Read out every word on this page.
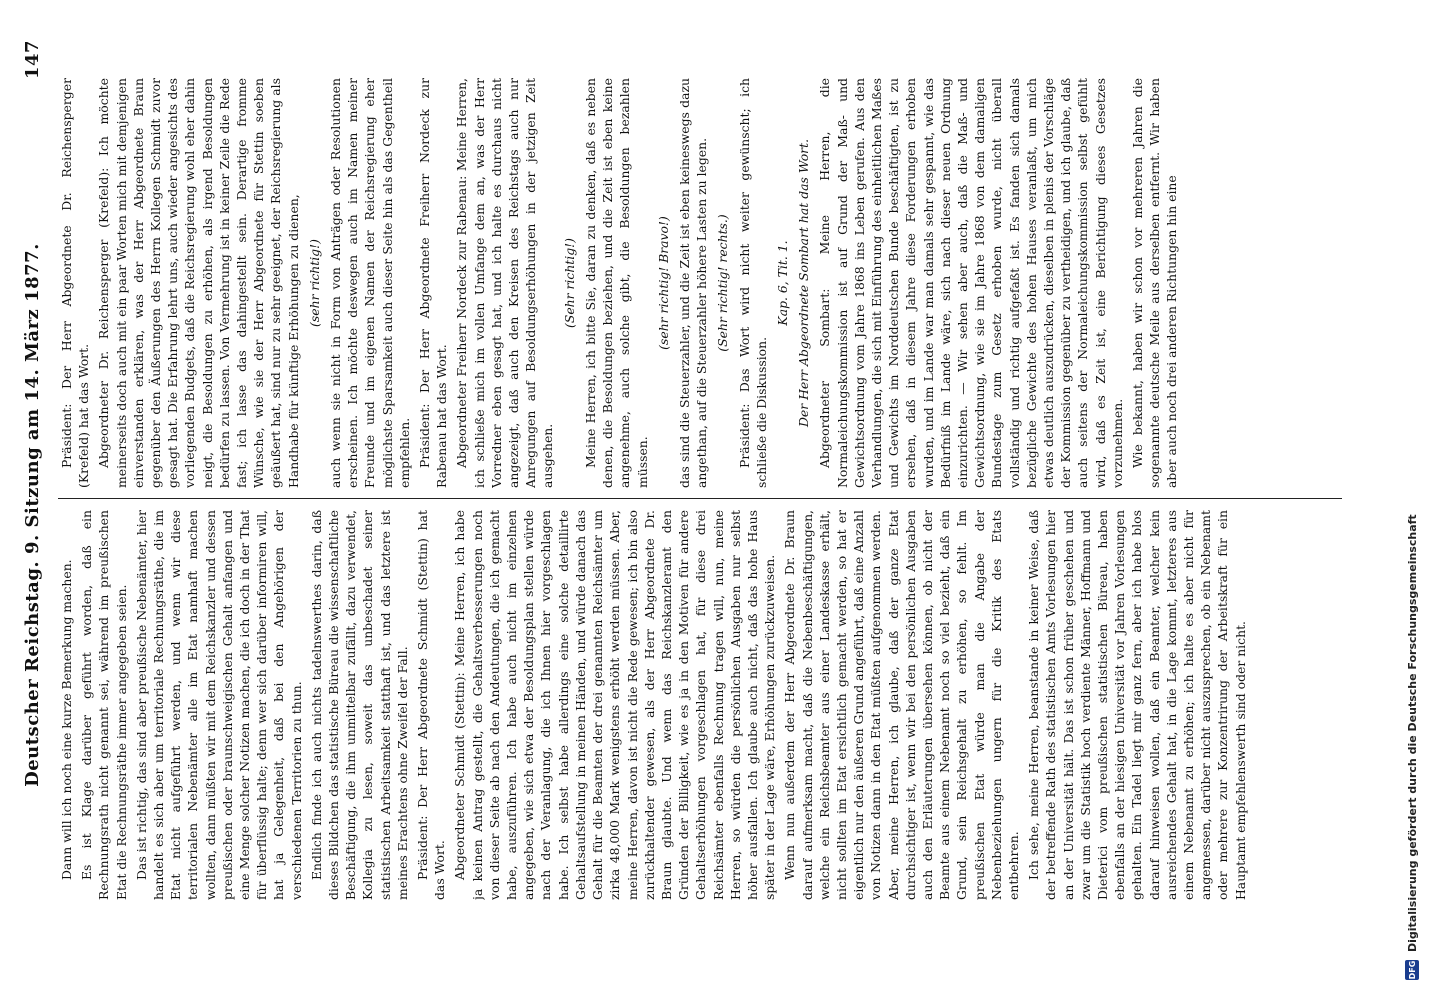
Deutscher Reichstag. 9. Sitzung am 14. März 1877.
147

Dann will ich noch eine kurze Bemerkung machen. Es ist Klage darüber geführt worden, daß ein Rechnungsrath nicht genannt sei, während im preußischen Etat die Rechnungsräthe immer angegeben seien. Das ist richtig, das sind aber preußische Nebenämter, hier handelt es sich aber um territoriale Rechnungsräthe, die im Etat nicht aufgeführt werden, und wenn wir diese territorialen Nebenämter alle im Etat namhaft machen wollten, dann müßten wir mit dem Reichskanzler und dessen preußischen oder braunschweigischen Gehalt anfangen und eine Menge solcher Notizen machen, die ich doch in der That für überflüssig halte; denn wer sich darüber informiren will, hat ja Gelegenheit, daß bei den Angehörigen der verschiedenen Territorien zu thun. Endlich finde ich auch nichts tadelnswerthes darin, daß dieses Bildchen das statistische Büreau die wissenschaftliche Beschäftigung, die ihm unmittelbar zufällt, dazu verwendet, Kollegia zu lesen, soweit das unbeschadet seiner statistischen Arbeitsamkeit statthaft ist, und das letztere ist meines Erachtens ohne Zweifel der Fall. Präsident: Der Herr Abgeordnete Schmidt (Stettin) hat das Wort. Abgeordneter Schmidt (Stettin): Meine Herren, ich habe ja keinen Antrag gestellt, die Gehaltsverbesserungen noch von dieser Seite ab nach den Andeutungen, die ich gemacht habe, auszuführen. Ich habe auch nicht im einzelnen angegeben, wie sich etwa der Besoldungsplan stellen würde nach der Veranlagung, die ich Ihnen hier vorgeschlagen habe. Ich selbst habe allerdings eine solche detaillirte Gehaltsaufstellung in meinen Händen, und würde danach das Gehalt für die Beamten der drei genannten Reichsämter um zirka 48,000 Mark wenigstens erhöht werden müssen. Aber, meine Herren, davon ist nicht die Rede gewesen; ich bin also zurückhaltender gewesen, als der Herr Abgeordnete Dr. Braun glaubte. Und wenn das Reichskanzleramt den Gründen der Billigkeit, wie es ja in den Motiven für andere Gehaltserhöhungen vorgeschlagen hat, für diese drei Reichsämter ebenfalls Rechnung tragen will, nun, meine Herren, so würden die persönlichen Ausgaben nur selbst höher ausfallen. Ich glaube auch nicht, daß das hohe Haus später in der Lage wäre, Erhöhungen zurückzuweisen. Wenn nun außerdem der Herr Abgeordnete Dr. Braun darauf aufmerksam macht, daß die Nebenbeschäftigungen, welche ein Reichsbeamter aus einer Landeskasse erhält, nicht sollten im Etat ersichtlich gemacht werden, so hat er eigentlich nur den äußeren Grund angeführt, daß eine Anzahl von Notizen dann in den Etat müßten aufgenommen werden. Aber, meine Herren, ich glaube, daß der ganze Etat durchsichtiger ist, wenn wir bei den persönlichen Ausgaben auch den Erläuterungen übersehen können, ob nicht der Beamte aus einem Nebenamt noch so viel bezieht, daß ein Grund, sein Reichsgehalt zu erhöhen, so fehlt. Im preußischen Etat würde man die Angabe der Nebenbeziehungen ungern für die Kritik des Etats entbehren. Ich sehe, meine Herren, beanstande in keiner Weise, daß der betreffende Rath des statistischen Amts Vorlesungen hier an der Universität hält. Das ist schon früher geschehen und zwar um die Statistik hoch verdiente Männer, Hoffmann und Dieterici vom preußischen statistischen Büreau, haben ebenfalls an der hiesigen Universität vor Jahren Vorlesungen gehalten. Ein Tadel liegt mir ganz fern, aber ich habe blos darauf hinweisen wollen, daß ein Beamter, welcher kein ausreichendes Gehalt hat, in die Lage kommt, letzteres aus einem Nebenamt zu erhöhen; ich halte es aber nicht für angemessen, darüber nicht auszusprechen, ob ein Nebenamt oder mehrere zur Konzentrirung der Arbeitskraft für ein Hauptamt empfehlenswerth sind oder nicht.

Präsident: Der Herr Abgeordnete Dr. Reichensperger (Krefeld) hat das Wort. Abgeordneter Dr. Reichensperger (Krefeld): Ich möchte meinerseits doch auch mit ein paar Worten mich mit demjenigen einverstanden erklären, was der Herr Abgeordnete Braun gegenüber den Äußerungen des Herrn Kollegen Schmidt zuvor gesagt hat. Die Erfahrung lehrt uns, auch wieder angesichts des vorliegenden Budgets, daß die Reichsregierung wohl eher dahin neigt, die Besoldungen zu erhöhen, als irgend Besoldungen bedürfen zu lassen. Von Vermehrung ist in keiner Zeile die Rede fast; ich lasse das dahingestellt sein. Derartige fromme Wünsche, wie sie der Herr Abgeordnete für Stettin soeben geäußert hat, sind nur zu sehr geeignet, der Reichsregierung als Handhabe für künftige Erhöhungen zu dienen, (sehr richtig!) auch wenn sie nicht in Form von Anträgen oder Resolutionen erscheinen. Ich möchte deswegen auch im Namen meiner Freunde und im eigenen Namen der Reichsregierung eher möglichste Sparsamkeit auch dieser Seite hin als das Gegentheil empfehlen. Präsident: Der Herr Abgeordnete Freiherr Nordeck zur Rabenau hat das Wort. Abgeordneter Freiherr Nordeck zur Rabenau: Meine Herren, ich schließe mich im vollen Umfange dem an, was der Herr Vorredner eben gesagt hat, und ich halte es durchaus nicht angezeigt, daß auch den Kreisen des Reichstags auch nur Anregungen auf Besoldungserhöhungen in der jetzigen Zeit ausgehen.

(Sehr richtig!) Meine Herren, ich bitte Sie, daran zu denken, daß es neben denen, die Besoldungen beziehen, und die Zeit ist eben keine angenehme, auch solche gibt, die Besoldungen bezahlen müssen.

(sehr richtig! Bravo!) das sind die Steuerzahler, und die Zeit ist eben keineswegs dazu angethan, auf die Steuerzahler höhere Lasten zu legen. (Sehr richtig! rechts.) Präsident: Das Wort wird nicht weiter gewünscht; ich schließe die Diskussion.

Kap. 6, Tit. 1. Der Herr Abgeordnete Sombart hat das Wort. Abgeordneter Sombart: Meine Herren, die Normaleichungskommission ist auf Grund der Maß- und Gewichtsordnung vom Jahre 1868 ins Leben gerufen. Aus den Verhandlungen, die sich mit Einführung des einheitlichen Maßes und Gewichts im Norddeutschen Bunde beschäftigten, ist zu ersehen, daß in diesem Jahre diese Forderungen erhoben wurden, und im Lande war man damals sehr gespannt, wie das Bedürfniß im Lande wäre, sich nach dieser neuen Ordnung einzurichten. — Wir sehen aber auch, daß die Maß- und Gewichtsordnung, wie sie im Jahre 1868 von dem damaligen Bundestage zum Gesetz erhoben wurde, nicht überall vollständig und richtig aufgefaßt ist. Es fanden sich damals bezügliche Gewichte des hohen Hauses veranlaßt, um mich etwas deutlich auszudrücken, dieselben in plenis der Vorschläge der Kommission gegenüber zu vertheidigen, und ich glaube, daß auch seitens der Normaleichungskommission selbst gefühlt wird, daß es Zeit ist, eine Berichtigung dieses Gesetzes vorzunehmen. Wie bekannt, haben wir schon vor mehreren Jahren die sogenannte deutsche Meile aus derselben entfernt. Wir haben aber auch noch drei anderen Richtungen hin eine

DFG
Digitalisierung gefördert durch die Deutsche Forschungsgemeinschaft
